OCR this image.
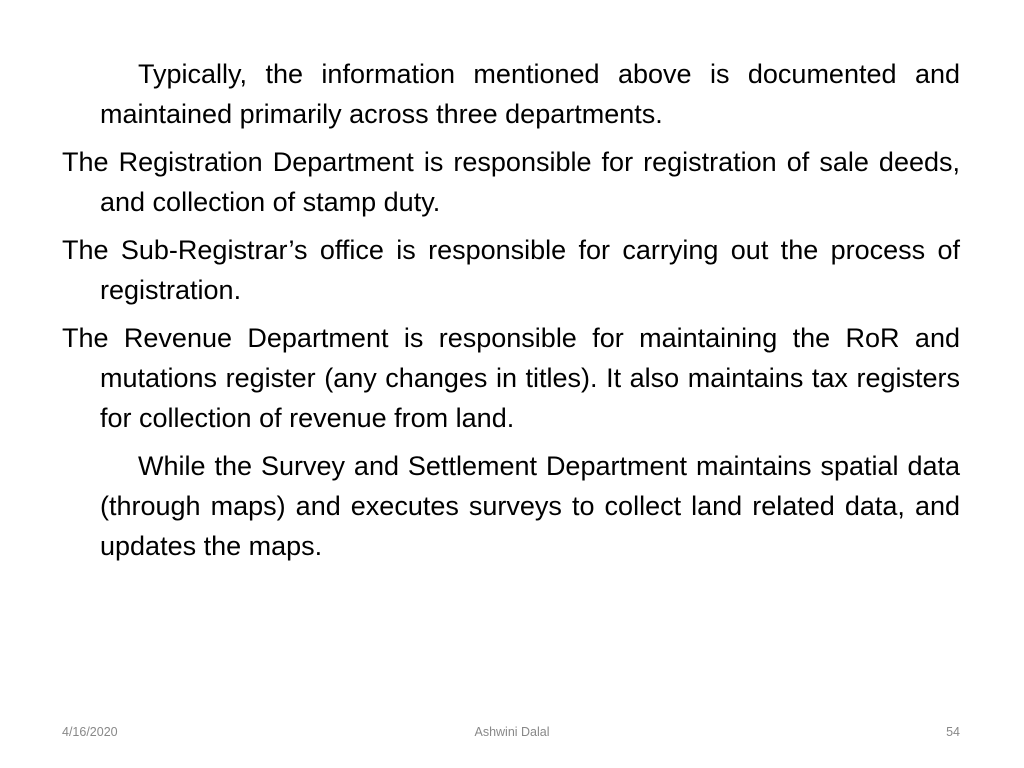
Typically, the information mentioned above is documented and maintained primarily across three departments.

The Registration Department is responsible for registration of sale deeds, and collection of stamp duty.

The Sub-Registrar’s office is responsible for carrying out the process of registration.

The Revenue Department is responsible for maintaining the RoR and mutations register (any changes in titles). It also maintains tax registers for collection of revenue from land.

While the Survey and Settlement Department maintains spatial data (through maps) and executes surveys to collect land related data, and updates the maps.

4/16/2020	Ashwini Dalal	54
